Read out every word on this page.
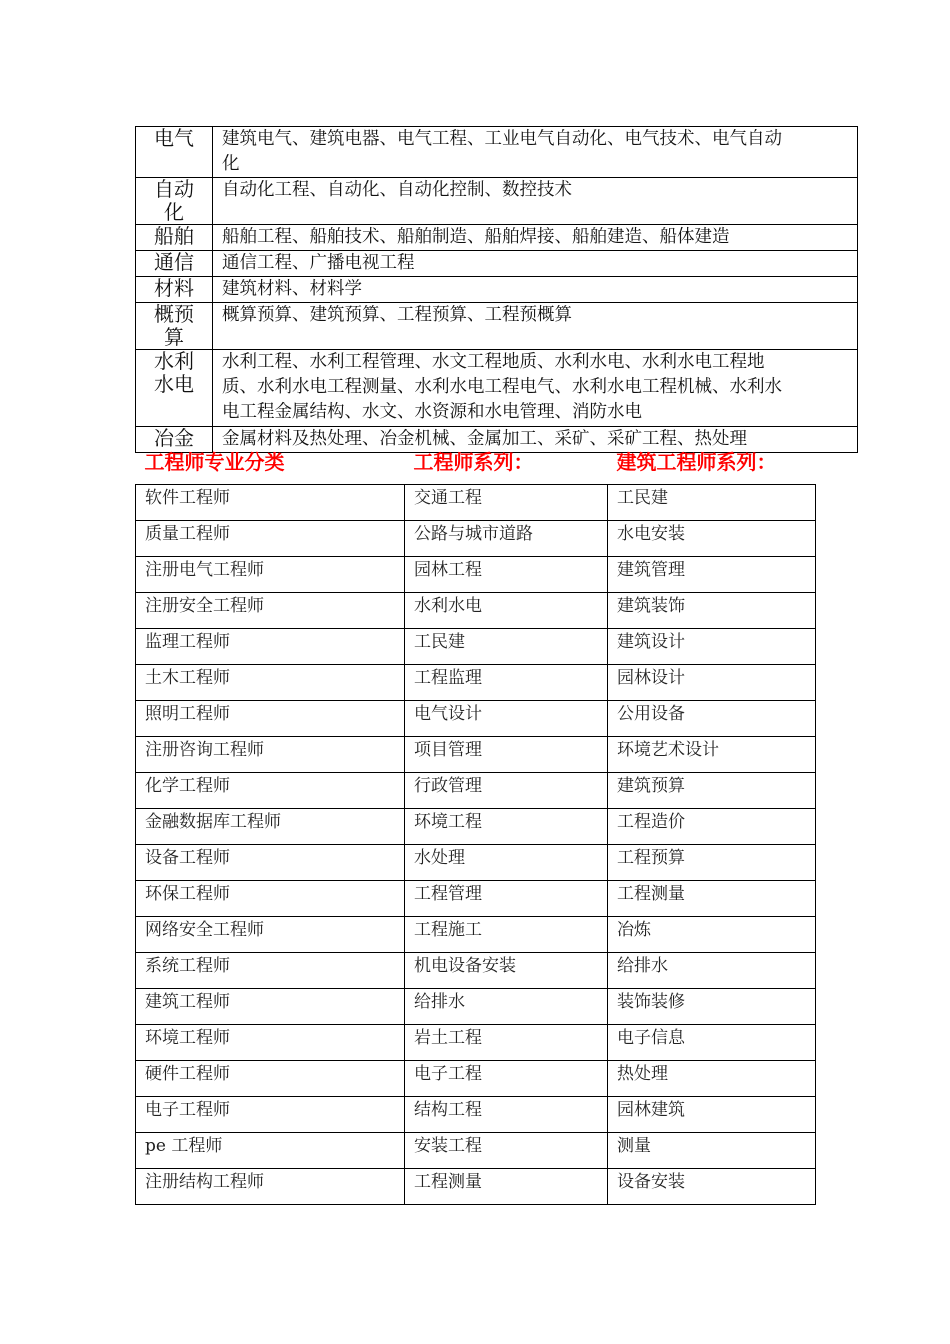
电气	建筑电气、建筑电器、电气工程、工业电气自动化、电气技术、电气自动
化

自动
化	自动化工程、自动化、自动化控制、数控技术

船舶	船舶工程、船舶技术、船舶制造、船舶焊接、船舶建造、船体建造

通信	通信工程、广播电视工程

材料	建筑材料、材料学

概预
算	概算预算、建筑预算、工程预算、工程预概算

水利
水电	水利工程、水利工程管理、水文工程地质、水利水电、水利水电工程地
质、水利水电工程测量、水利水电工程电气、水利水电工程机械、水利水
电工程金属结构、水文、水资源和水电管理、消防水电

冶金	金属材料及热处理、冶金机械、金属加工、采矿、采矿工程、热处理
工程师专业分类	工程师系列：	建筑工程师系列：
软件工程师	交通工程	工民建
质量工程师	公路与城市道路	水电安装
注册电气工程师	园林工程	建筑管理
注册安全工程师	水利水电	建筑装饰
监理工程师	工民建	建筑设计
土木工程师	工程监理	园林设计
照明工程师	电气设计	公用设备
注册咨询工程师	项目管理	环境艺术设计
化学工程师	行政管理	建筑预算
金融数据库工程师	环境工程	工程造价
设备工程师	水处理	工程预算
环保工程师	工程管理	工程测量
网络安全工程师	工程施工	冶炼
系统工程师	机电设备安装	给排水
建筑工程师	给排水	装饰装修
环境工程师	岩土工程	电子信息
硬件工程师	电子工程	热处理
电子工程师	结构工程	园林建筑
pe 工程师	安装工程	测量
注册结构工程师	工程测量	设备安装
